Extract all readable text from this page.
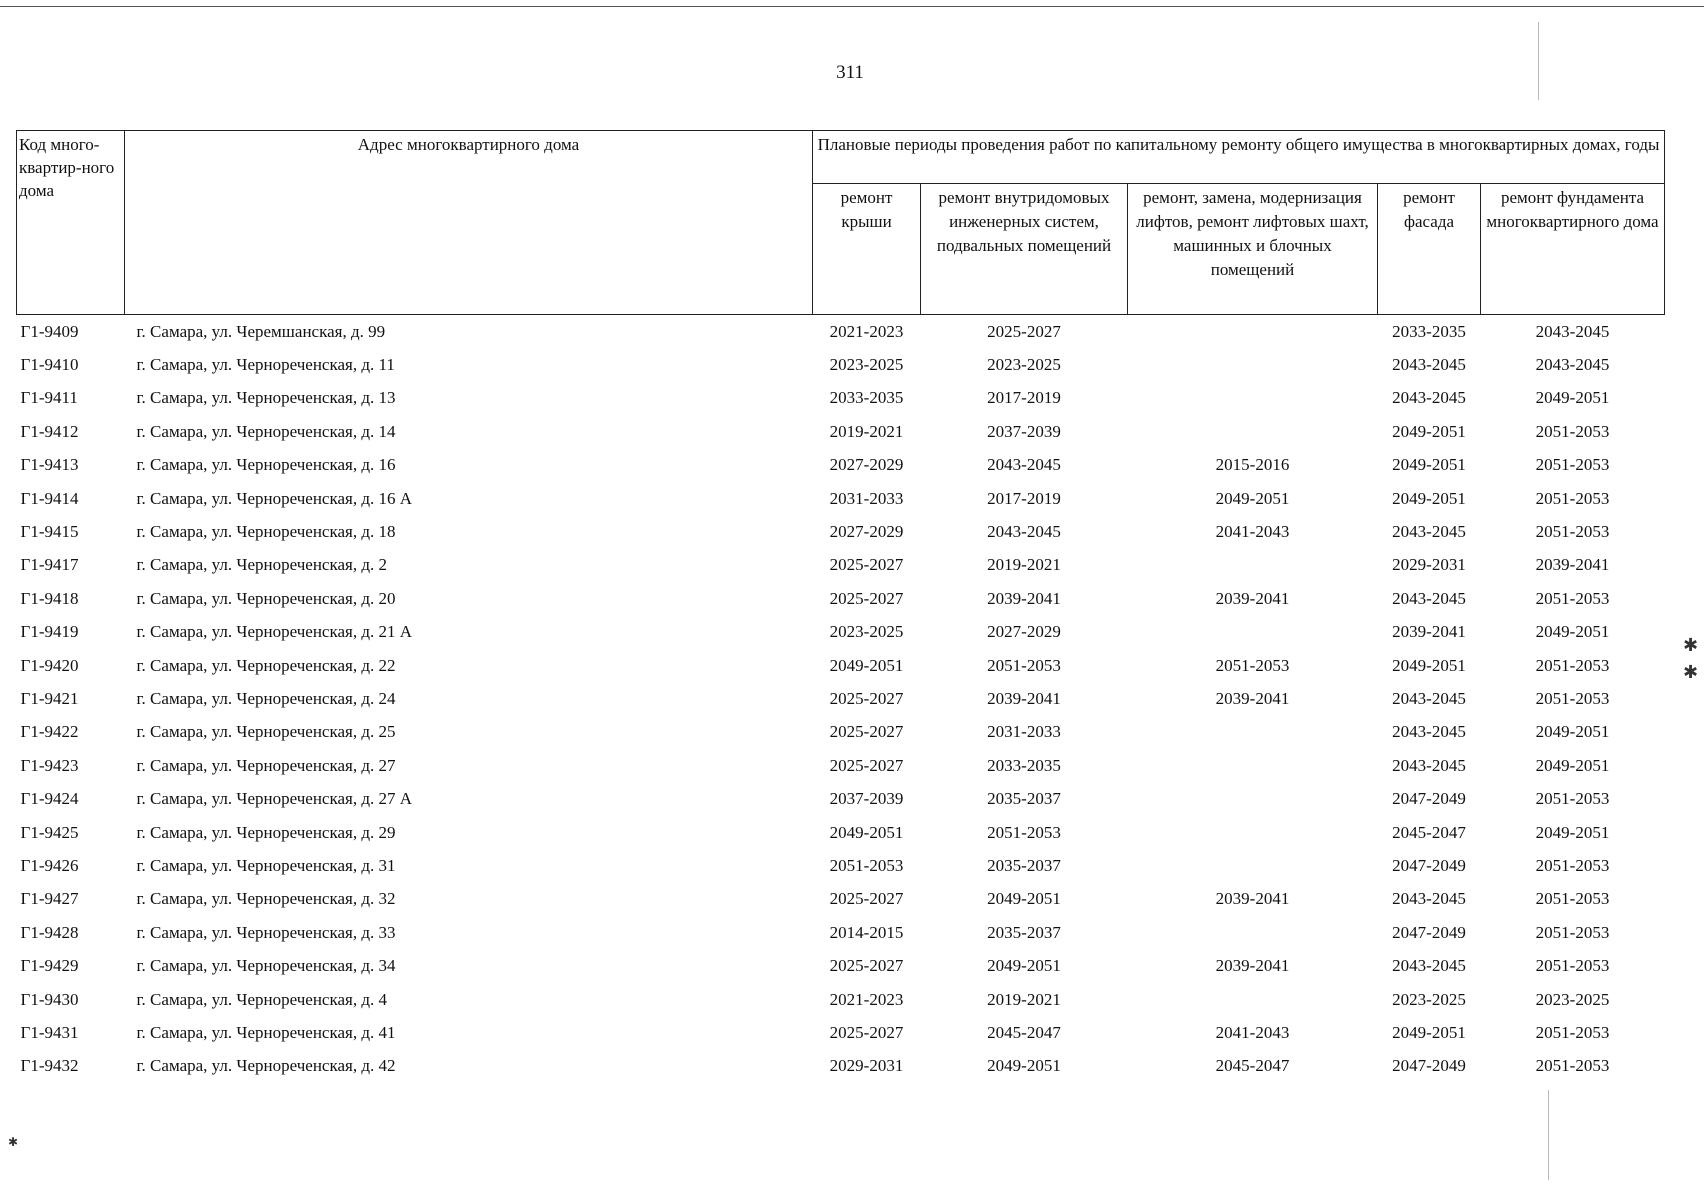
311
✱
✱
✱
Код много-квартир-ного дома	Адрес многоквартирного дома	Плановые периоды проведения работ по капитальному ремонту общего имущества в многоквартирных домах, годы				
		ремонт крыши	ремонт внутридомовых инженерных систем, подвальных помещений	ремонт, замена, модернизация лифтов, ремонт лифтовых шахт, машинных и блочных помещений	ремонт фасада	ремонт фундамента многоквартирного дома
Г1-9409	г. Самара, ул. Черемшанская, д. 99	2021-2023	2025-2027		2033-2035	2043-2045
Г1-9410	г. Самара, ул. Чернореченская, д. 11	2023-2025	2023-2025		2043-2045	2043-2045
Г1-9411	г. Самара, ул. Чернореченская, д. 13	2033-2035	2017-2019		2043-2045	2049-2051
Г1-9412	г. Самара, ул. Чернореченская, д. 14	2019-2021	2037-2039		2049-2051	2051-2053
Г1-9413	г. Самара, ул. Чернореченская, д. 16	2027-2029	2043-2045	2015-2016	2049-2051	2051-2053
Г1-9414	г. Самара, ул. Чернореченская, д. 16 А	2031-2033	2017-2019	2049-2051	2049-2051	2051-2053
Г1-9415	г. Самара, ул. Чернореченская, д. 18	2027-2029	2043-2045	2041-2043	2043-2045	2051-2053
Г1-9417	г. Самара, ул. Чернореченская, д. 2	2025-2027	2019-2021		2029-2031	2039-2041
Г1-9418	г. Самара, ул. Чернореченская, д. 20	2025-2027	2039-2041	2039-2041	2043-2045	2051-2053
Г1-9419	г. Самара, ул. Чернореченская, д. 21 А	2023-2025	2027-2029		2039-2041	2049-2051
Г1-9420	г. Самара, ул. Чернореченская, д. 22	2049-2051	2051-2053	2051-2053	2049-2051	2051-2053
Г1-9421	г. Самара, ул. Чернореченская, д. 24	2025-2027	2039-2041	2039-2041	2043-2045	2051-2053
Г1-9422	г. Самара, ул. Чернореченская, д. 25	2025-2027	2031-2033		2043-2045	2049-2051
Г1-9423	г. Самара, ул. Чернореченская, д. 27	2025-2027	2033-2035		2043-2045	2049-2051
Г1-9424	г. Самара, ул. Чернореченская, д. 27 А	2037-2039	2035-2037		2047-2049	2051-2053
Г1-9425	г. Самара, ул. Чернореченская, д. 29	2049-2051	2051-2053		2045-2047	2049-2051
Г1-9426	г. Самара, ул. Чернореченская, д. 31	2051-2053	2035-2037		2047-2049	2051-2053
Г1-9427	г. Самара, ул. Чернореченская, д. 32	2025-2027	2049-2051	2039-2041	2043-2045	2051-2053
Г1-9428	г. Самара, ул. Чернореченская, д. 33	2014-2015	2035-2037		2047-2049	2051-2053
Г1-9429	г. Самара, ул. Чернореченская, д. 34	2025-2027	2049-2051	2039-2041	2043-2045	2051-2053
Г1-9430	г. Самара, ул. Чернореченская, д. 4	2021-2023	2019-2021		2023-2025	2023-2025
Г1-9431	г. Самара, ул. Чернореченская, д. 41	2025-2027	2045-2047	2041-2043	2049-2051	2051-2053
Г1-9432	г. Самара, ул. Чернореченская, д. 42	2029-2031	2049-2051	2045-2047	2047-2049	2051-2053
